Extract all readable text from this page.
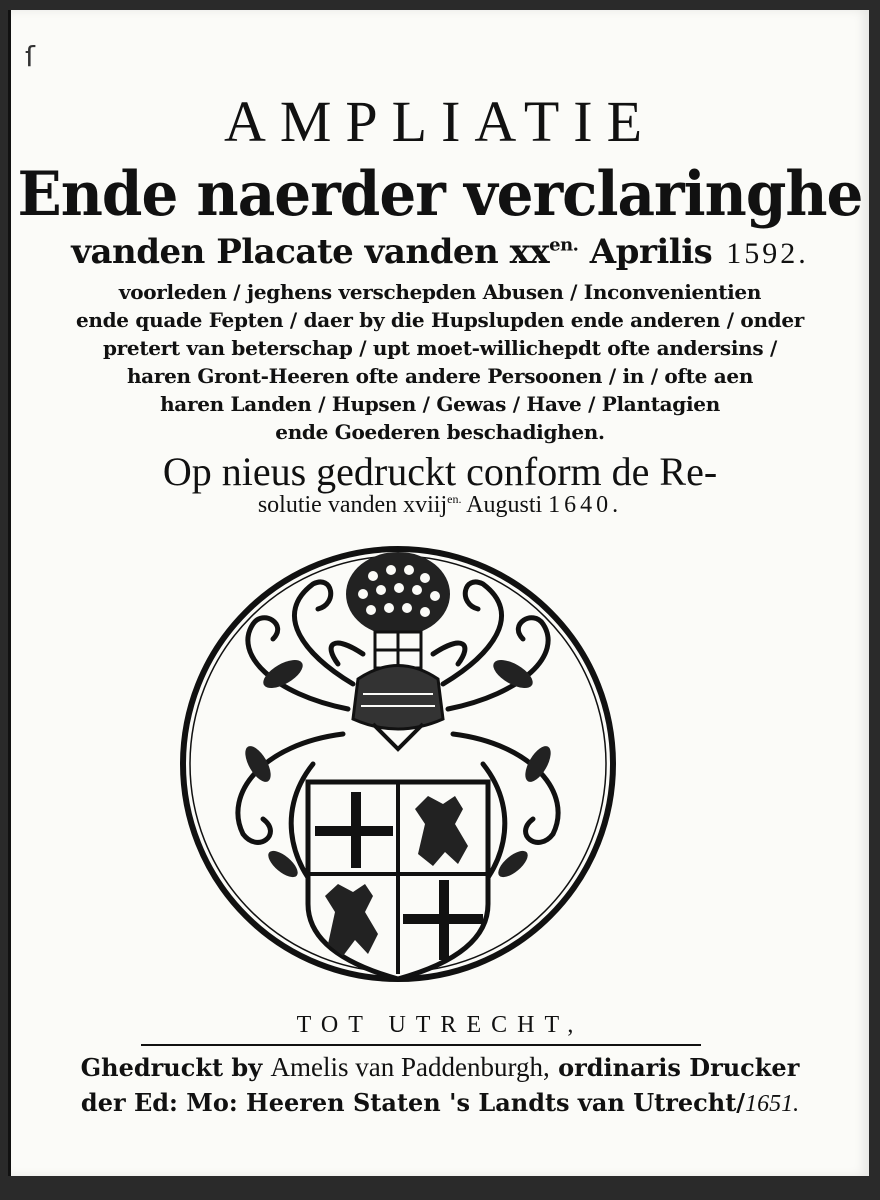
ſ
AMPLIATIE
Ende naerder verclaringhe
vanden Placate vanden $xx^{en.}$ Aprilis 1592.
voorleden / jeghens verschepden Abusen / Inconvenientien
ende quade Fepten / daer by die Hupslupden ende anderen / onder
pretert van beterschap / upt moet-willichepdt ofte andersins /
haren Gront-Heeren ofte andere Persoonen / in / ofte aen
haren Landen / Hupsen / Gewas / Have / Plantagien
ende Goederen beschadighen.
Op nieus gedruckt conform de Re-
solutie vanden xviij$^{en.}$ Augusti 1640.
TOT UTRECHT,
Ghedruckt by Amelis van Paddenburgh, ordinaris Drucker
der Ed: Mo: Heeren Staten 's Landts van Utrecht/1651.
